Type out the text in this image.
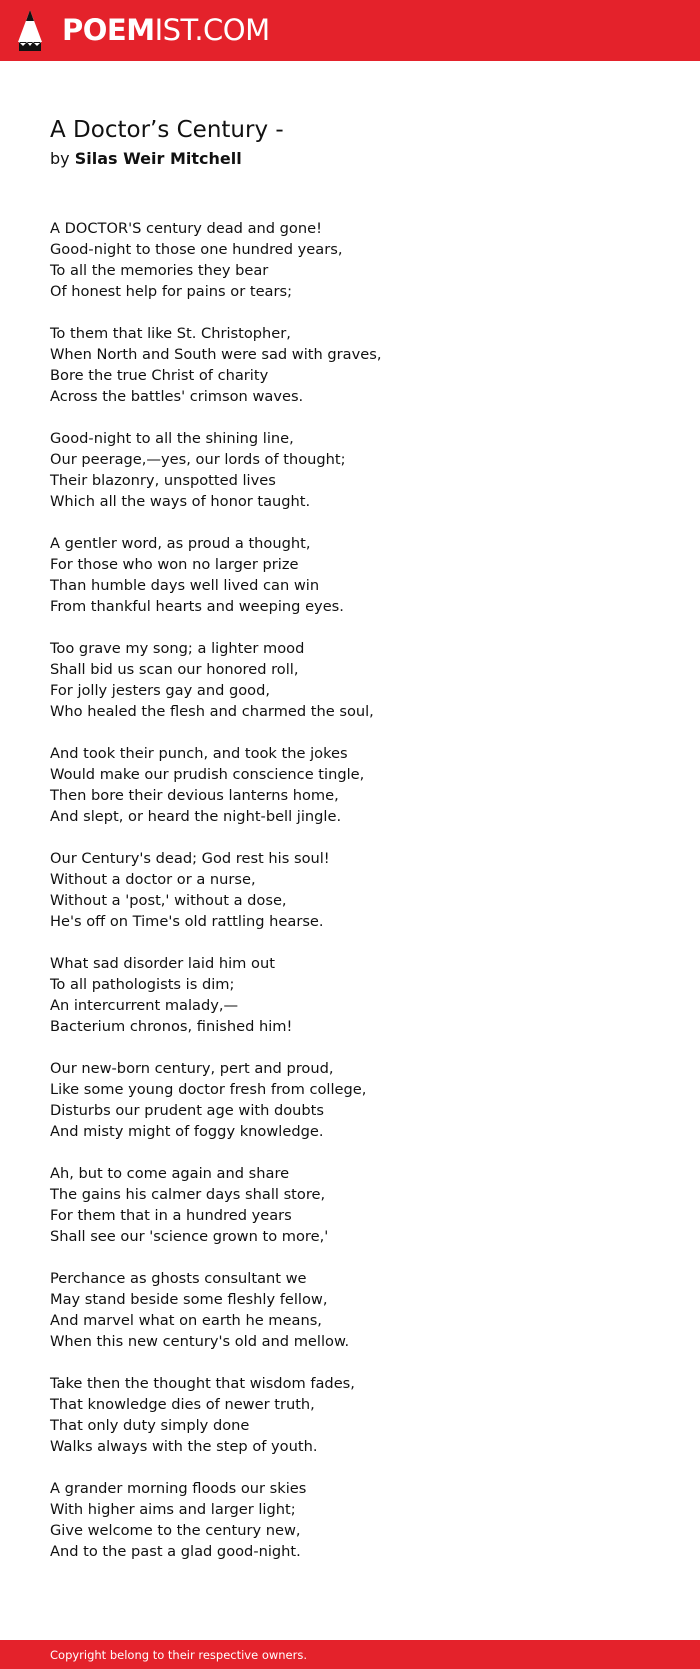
POEMIST.COM
A Doctor’s Century -
by Silas Weir Mitchell
A DOCTOR'S century dead and gone!
Good-night to those one hundred years,
To all the memories they bear
Of honest help for pains or tears;
To them that like St. Christopher,
When North and South were sad with graves,
Bore the true Christ of charity
Across the battles' crimson waves.
Good-night to all the shining line,
Our peerage,—yes, our lords of thought;
Their blazonry, unspotted lives
Which all the ways of honor taught.
A gentler word, as proud a thought,
For those who won no larger prize
Than humble days well lived can win
From thankful hearts and weeping eyes.
Too grave my song; a lighter mood
Shall bid us scan our honored roll,
For jolly jesters gay and good,
Who healed the flesh and charmed the soul,
And took their punch, and took the jokes
Would make our prudish conscience tingle,
Then bore their devious lanterns home,
And slept, or heard the night-bell jingle.
Our Century's dead; God rest his soul!
Without a doctor or a nurse,
Without a 'post,' without a dose,
He's off on Time's old rattling hearse.
What sad disorder laid him out
To all pathologists is dim;
An intercurrent malady,—
Bacterium chronos, finished him!
Our new-born century, pert and proud,
Like some young doctor fresh from college,
Disturbs our prudent age with doubts
And misty might of foggy knowledge.
Ah, but to come again and share
The gains his calmer days shall store,
For them that in a hundred years
Shall see our 'science grown to more,'
Perchance as ghosts consultant we
May stand beside some fleshly fellow,
And marvel what on earth he means,
When this new century's old and mellow.
Take then the thought that wisdom fades,
That knowledge dies of newer truth,
That only duty simply done
Walks always with the step of youth.
A grander morning floods our skies
With higher aims and larger light;
Give welcome to the century new,
And to the past a glad good-night.
Copyright belong to their respective owners.
